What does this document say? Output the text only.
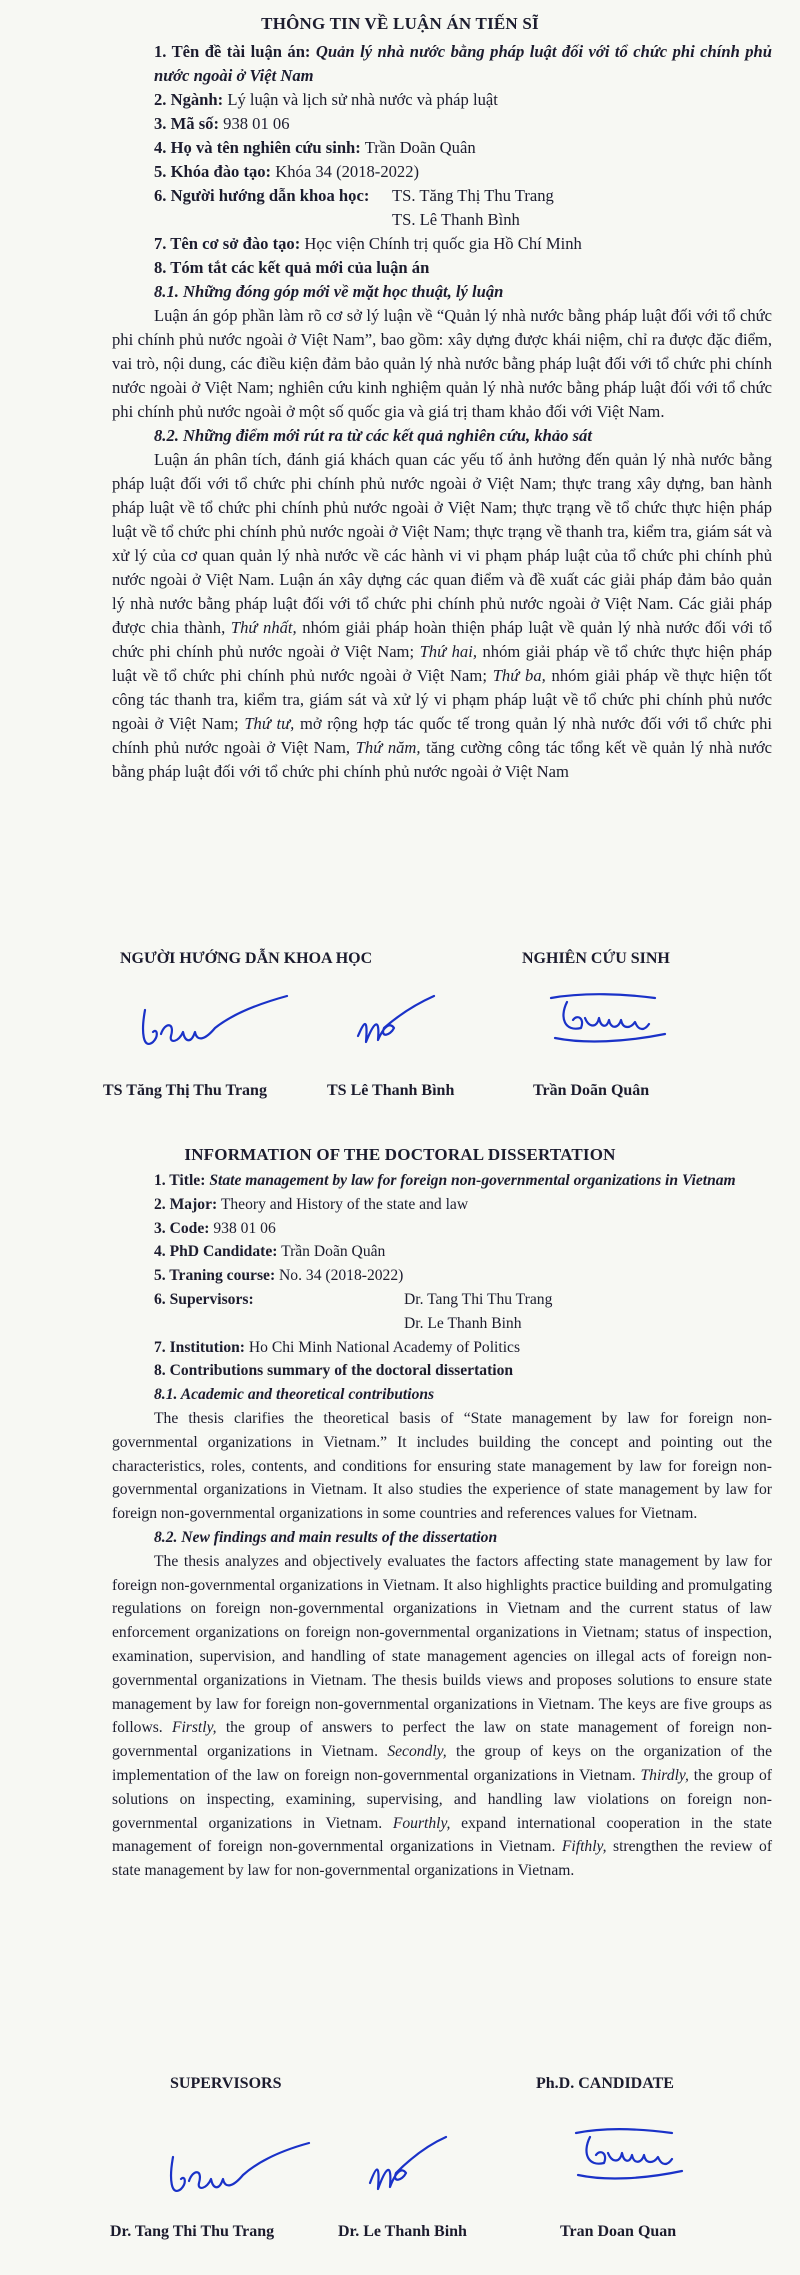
THÔNG TIN VỀ LUẬN ÁN TIẾN SĨ
1. Tên đề tài luận án: Quản lý nhà nước bằng pháp luật đối với tổ chức phi chính phủ nước ngoài ở Việt Nam
2. Ngành: Lý luận và lịch sử nhà nước và pháp luật
3. Mã số: 938 01 06
4. Họ và tên nghiên cứu sinh: Trần Doãn Quân
5. Khóa đào tạo: Khóa 34 (2018-2022)
6. Người hướng dẫn khoa học:	TS. Tăng Thị Thu Trang
TS. Lê Thanh Bình
7. Tên cơ sở đào tạo: Học viện Chính trị quốc gia Hồ Chí Minh
8. Tóm tắt các kết quả mới của luận án
8.1. Những đóng góp mới về mặt học thuật, lý luận

Luận án góp phần làm rõ cơ sở lý luận về “Quản lý nhà nước bằng pháp luật đối với tổ chức phi chính phủ nước ngoài ở Việt Nam”, bao gồm: xây dựng được khái niệm, chỉ ra được đặc điểm, vai trò, nội dung, các điều kiện đảm bảo quản lý nhà nước bằng pháp luật đối với tổ chức phi chính nước ngoài ở Việt Nam; nghiên cứu kinh nghiệm quản lý nhà nước bằng pháp luật đối với tổ chức phi chính phủ nước ngoài ở một số quốc gia và giá trị tham khảo đối với Việt Nam.

8.2. Những điểm mới rút ra từ các kết quả nghiên cứu, khảo sát

Luận án phân tích, đánh giá khách quan các yếu tố ảnh hưởng đến quản lý nhà nước bằng pháp luật đối với tổ chức phi chính phủ nước ngoài ở Việt Nam; thực trang xây dựng, ban hành pháp luật về tổ chức phi chính phủ nước ngoài ở Việt Nam; thực trạng về tổ chức thực hiện pháp luật về tổ chức phi chính phủ nước ngoài ở Việt Nam; thực trạng về thanh tra, kiểm tra, giám sát và xử lý của cơ quan quản lý nhà nước về các hành vi vi phạm pháp luật của tổ chức phi chính phủ nước ngoài ở Việt Nam. Luận án xây dựng các quan điểm và đề xuất các giải pháp đảm bảo quản lý nhà nước bằng pháp luật đối với tổ chức phi chính phủ nước ngoài ở Việt Nam. Các giải pháp được chia thành, Thứ nhất, nhóm giải pháp hoàn thiện pháp luật về quản lý nhà nước đối với tổ chức phi chính phủ nước ngoài ở Việt Nam; Thứ hai, nhóm giải pháp về tổ chức thực hiện pháp luật về tổ chức phi chính phủ nước ngoài ở Việt Nam; Thứ ba, nhóm giải pháp về thực hiện tốt công tác thanh tra, kiểm tra, giám sát và xử lý vi phạm pháp luật về tổ chức phi chính phủ nước ngoài ở Việt Nam; Thứ tư, mở rộng hợp tác quốc tế trong quản lý nhà nước đối với tổ chức phi chính phủ nước ngoài ở Việt Nam, Thứ năm, tăng cường công tác tổng kết về quản lý nhà nước bằng pháp luật đối với tổ chức phi chính phủ nước ngoài ở Việt Nam

NGƯỜI HƯỚNG DẪN KHOA HỌC	NGHIÊN CỨU SINH
TS Tăng Thị Thu Trang	TS Lê Thanh Bình	Trần Doãn Quân
INFORMATION OF THE DOCTORAL DISSERTATION
1. Title: State management by law for foreign non-governmental organizations in Vietnam
2. Major: Theory and History of the state and law
3. Code: 938 01 06
4. PhD Candidate: Trần Doãn Quân
5. Traning course: No. 34 (2018-2022)
6. Supervisors:	Dr. Tang Thi Thu Trang
Dr. Le Thanh Binh
7. Institution: Ho Chi Minh National Academy of Politics
8. Contributions summary of the doctoral dissertation
8.1. Academic and theoretical contributions

The thesis clarifies the theoretical basis of “State management by law for foreign non-governmental organizations in Vietnam.” It includes building the concept and pointing out the characteristics, roles, contents, and conditions for ensuring state management by law for foreign non-governmental organizations in Vietnam. It also studies the experience of state management by law for foreign non-governmental organizations in some countries and references values for Vietnam.

8.2. New findings and main results of the dissertation

The thesis analyzes and objectively evaluates the factors affecting state management by law for foreign non-governmental organizations in Vietnam. It also highlights practice building and promulgating regulations on foreign non-governmental organizations in Vietnam and the current status of law enforcement organizations on foreign non-governmental organizations in Vietnam; status of inspection, examination, supervision, and handling of state management agencies on illegal acts of foreign non-governmental organizations in Vietnam. The thesis builds views and proposes solutions to ensure state management by law for foreign non-governmental organizations in Vietnam. The keys are five groups as follows. Firstly, the group of answers to perfect the law on state management of foreign non-governmental organizations in Vietnam. Secondly, the group of keys on the organization of the implementation of the law on foreign non-governmental organizations in Vietnam. Thirdly, the group of solutions on inspecting, examining, supervising, and handling law violations on foreign non-governmental organizations in Vietnam. Fourthly, expand international cooperation in the state management of foreign non-governmental organizations in Vietnam. Fifthly, strengthen the review of state management by law for non-governmental organizations in Vietnam.

SUPERVISORS	Ph.D. CANDIDATE
Dr. Tang Thi Thu Trang	Dr. Le Thanh Binh	Tran Doan Quan
